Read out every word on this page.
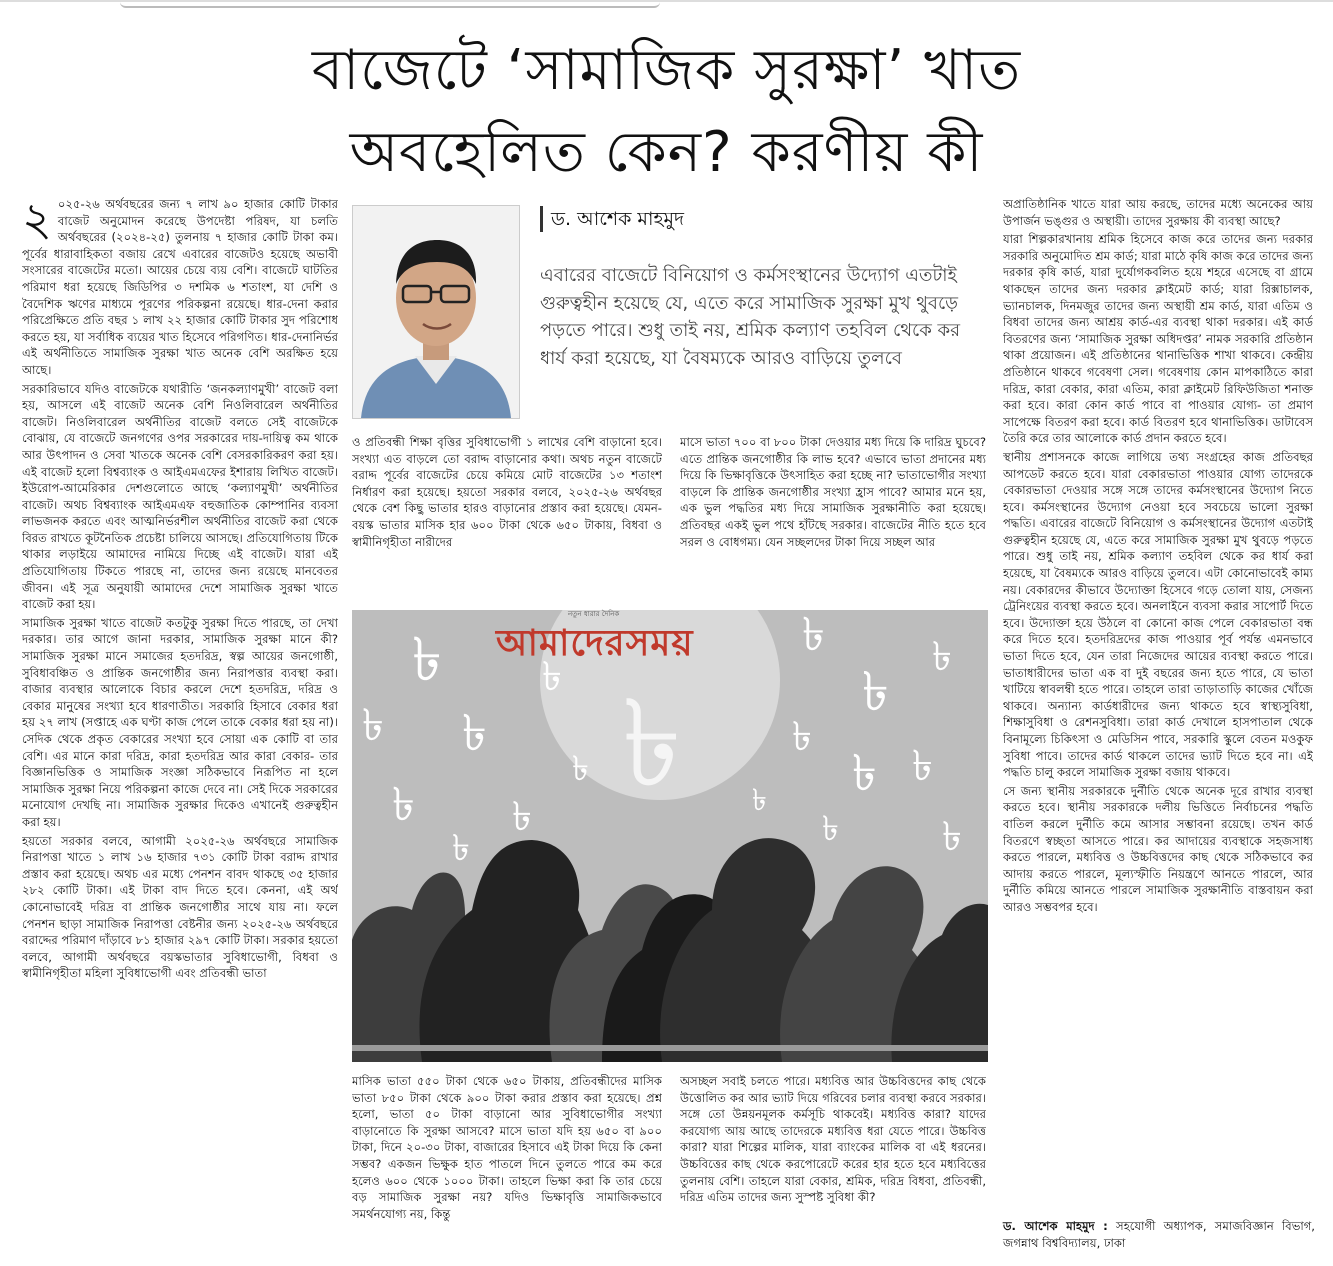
বাজেটে ‘সামাজিক সুরক্ষা’ খাত
অবহেলিত কেন? করণীয় কী

২ ০২৫-২৬ অর্থবছরের জন্য ৭ লাখ ৯০ হাজার কোটি টাকার বাজেট অনুমোদন করেছে উপদেষ্টা পরিষদ, যা চলতি অর্থবছরের (২০২৪-২৫) তুলনায় ৭ হাজার কোটি টাকা কম। পূর্বের ধারাবাহিকতা বজায় রেখে এবারের বাজেটও হয়েছে অভাবী সংসারের বাজেটের মতো। আয়ের চেয়ে ব্যয় বেশি। বাজেটে ঘাটতির পরিমাণ ধরা হয়েছে জিডিপির ৩ দশমিক ৬ শতাংশ, যা দেশি ও বৈদেশিক ঋণের মাধ্যমে পূরণের পরিকল্পনা রয়েছে। ধার-দেনা করার পরিপ্রেক্ষিতে প্রতি বছর ১ লাখ ২২ হাজার কোটি টাকার সুদ পরিশোধ করতে হয়, যা সর্বাধিক ব্যয়ের খাত হিসেবে পরিগণিত। ধার-দেনানির্ভর এই অর্থনীতিতে সামাজিক সুরক্ষা খাত অনেক বেশি অরক্ষিত হয়ে আছে।

সরকারিভাবে যদিও বাজেটকে যথারীতি ‘জনকল্যাণমুখী’ বাজেট বলা হয়, আসলে এই বাজেট অনেক বেশি নিওলিবারেল অর্থনীতির বাজেট। নিওলিবারেল অর্থনীতির বাজেট বলতে সেই বাজেটকে বোঝায়, যে বাজেটে জনগণের ওপর সরকারের দায়-দায়িত্ব কম থাকে আর উৎপাদন ও সেবা খাতকে অনেক বেশি বেসরকারিকরণ করা হয়। এই বাজেট হলো বিশ্বব্যাংক ও আইএমএফের ইশারায় লিখিত বাজেট। ইউরোপ-আমেরিকার দেশগুলোতে আছে ‘কল্যাণমুখী’ অর্থনীতির বাজেট। অথচ বিশ্বব্যাংক আইএমএফ বহুজাতিক কোম্পানির ব্যবসা লাভজনক করতে এবং আত্মনির্ভরশীল অর্থনীতির বাজেট করা থেকে বিরত রাখতে কূটনৈতিক প্রচেষ্টা চালিয়ে আসছে। প্রতিযোগিতায় টিকে থাকার লড়াইয়ে আমাদের নামিয়ে দিচ্ছে এই বাজেট। যারা এই প্রতিযোগিতায় টিকতে পারছে না, তাদের জন্য রয়েছে মানবেতর জীবন। এই সূত্র অনুযায়ী আমাদের দেশে সামাজিক সুরক্ষা খাতে বাজেট করা হয়।

সামাজিক সুরক্ষা খাতে বাজেট কতটুকু সুরক্ষা দিতে পারছে, তা দেখা দরকার। তার আগে জানা দরকার, সামাজিক সুরক্ষা মানে কী? সামাজিক সুরক্ষা মানে সমাজের হতদরিদ্র, স্বল্প আয়ের জনগোষ্ঠী, সুবিধাবঞ্চিত ও প্রান্তিক জনগোষ্ঠীর জন্য নিরাপত্তার ব্যবস্থা করা। বাজার ব্যবস্থার আলোকে বিচার করলে দেশে হতদরিদ্র, দরিদ্র ও বেকার মানুষের সংখ্যা হবে ধারণাতীত। সরকারি হিসাবে বেকার ধরা হয় ২৭ লাখ (সপ্তাহে এক ঘণ্টা কাজ পেলে তাকে বেকার ধরা হয় না)। সেদিক থেকে প্রকৃত বেকারের সংখ্যা হবে সোয়া এক কোটি বা তার বেশি। এর মানে কারা দরিদ্র, কারা হতদরিদ্র আর কারা বেকার- তার বিজ্ঞানভিত্তিক ও সামাজিক সংজ্ঞা সঠিকভাবে নিরূপিত না হলে সামাজিক সুরক্ষা নিয়ে পরিকল্পনা কাজে দেবে না। সেই দিকে সরকারের মনোযোগ দেখছি না। সামাজিক সুরক্ষার দিকেও এখানেই গুরুত্বহীন করা হয়।

হয়তো সরকার বলবে, আগামী ২০২৫-২৬ অর্থবছরে সামাজিক নিরাপত্তা খাতে ১ লাখ ১৬ হাজার ৭৩১ কোটি টাকা বরাদ্দ রাখার প্রস্তাব করা হয়েছে। অথচ এর মধ্যে পেনশন বাবদ থাকছে ৩৫ হাজার ২৮২ কোটি টাকা। এই টাকা বাদ দিতে হবে। কেননা, এই অর্থ কোনোভাবেই দরিদ্র বা প্রান্তিক জনগোষ্ঠীর সাথে যায় না। ফলে পেনশন ছাড়া সামাজিক নিরাপত্তা বেষ্টনীর জন্য ২০২৫-২৬ অর্থবছরে বরাদ্দের পরিমাণ দাঁড়াবে ৮১ হাজার ২৯৭ কোটি টাকা। সরকার হয়তো বলবে, আগামী অর্থবছরে বয়স্কভাতার সুবিধাভোগী, বিধবা ও স্বামীনিগৃহীতা মহিলা সুবিধাভোগী এবং প্রতিবন্ধী ভাতা

ড. আশেক মাহমুদ
এবারের বাজেটে বিনিয়োগ ও কর্মসংস্থানের উদ্যোগ এতটাই গুরুত্বহীন হয়েছে যে, এতে করে সামাজিক সুরক্ষা মুখ থুবড়ে পড়তে পারে। শুধু তাই নয়, শ্রমিক কল্যাণ তহবিল থেকে কর ধার্য করা হয়েছে, যা বৈষম্যকে আরও বাড়িয়ে তুলবে
ও প্রতিবন্ধী শিক্ষা বৃত্তির সুবিধাভোগী ১ লাখের বেশি বাড়ানো হবে। সংখ্যা এত বাড়লে তো বরাদ্দ বাড়ানোর কথা। অথচ নতুন বাজেটে বরাদ্দ পূর্বের বাজেটের চেয়ে কমিয়ে মোট বাজেটের ১৩ শতাংশ নির্ধারণ করা হয়েছে। হয়তো সরকার বলবে, ২০২৫-২৬ অর্থবছর থেকে বেশ কিছু ভাতার হারও বাড়ানোর প্রস্তাব করা হয়েছে। যেমন- বয়স্ক ভাতার মাসিক হার ৬০০ টাকা থেকে ৬৫০ টাকায়, বিধবা ও স্বামীনিগৃহীতা নারীদের
মাসে ভাতা ৭০০ বা ৮০০ টাকা দেওয়ার মধ্য দিয়ে কি দারিদ্র ঘুচবে? এতে প্রান্তিক জনগোষ্ঠীর কি লাভ হবে? এভাবে ভাতা প্রদানের মধ্য দিয়ে কি ভিক্ষাবৃত্তিকে উৎসাহিত করা হচ্ছে না? ভাতাভোগীর সংখ্যা বাড়লে কি প্রান্তিক জনগোষ্ঠীর সংখ্যা হ্রাস পাবে? আমার মনে হয়, এক ভুল পদ্ধতির মধ্য দিয়ে সামাজিক সুরক্ষানীতি করা হয়েছে। প্রতিবছর একই ভুল পথে হাঁটছে সরকার। বাজেটের নীতি হতে হবে সরল ও বোধগম্য। যেন সচ্ছলদের টাকা দিয়ে সচ্ছল আর
৳
৳
৳ ৳
৳ ৳
৳
৳
৳
৳
৳
৳
৳
৳ ৳
৳
৳
৳
নতুন ধারার দৈনিক
আমাদেরসময়
মাসিক ভাতা ৫৫০ টাকা থেকে ৬৫০ টাকায়, প্রতিবন্ধীদের মাসিক ভাতা ৮৫০ টাকা থেকে ৯০০ টাকা করার প্রস্তাব করা হয়েছে। প্রশ্ন হলো, ভাতা ৫০ টাকা বাড়ানো আর সুবিধাভোগীর সংখ্যা বাড়ানোতে কি সুরক্ষা আসবে? মাসে ভাতা যদি হয় ৬৫০ বা ৯০০ টাকা, দিনে ২০-৩০ টাকা, বাজারের হিসাবে এই টাকা দিয়ে কি কেনা সম্ভব? একজন ভিক্ষুক হাত পাতলে দিনে তুলতে পারে কম করে হলেও ৬০০ থেকে ১০০০ টাকা। তাহলে ভিক্ষা করা কি তার চেয়ে বড় সামাজিক সুরক্ষা নয়? যদিও ভিক্ষাবৃত্তি সামাজিকভাবে সমর্থনযোগ্য নয়, কিন্তু
অসচ্ছল সবাই চলতে পারে। মধ্যবিত্ত আর উচ্চবিত্তদের কাছ থেকে উত্তোলিত কর আর ভ্যাট দিয়ে গরিবের চলার ব্যবস্থা করবে সরকার। সঙ্গে তো উন্নয়নমূলক কর্মসূচি থাকবেই। মধ্যবিত্ত কারা? যাদের করযোগ্য আয় আছে তাদেরকে মধ্যবিত্ত ধরা যেতে পারে। উচ্চবিত্ত কারা? যারা শিল্পের মালিক, যারা ব্যাংকের মালিক বা এই ধরনের। উচ্চবিত্তের কাছ থেকে করপোরেটে করের হার হতে হবে মধ্যবিত্তের তুলনায় বেশি। তাহলে যারা বেকার, শ্রমিক, দরিদ্র বিধবা, প্রতিবন্ধী, দরিদ্র এতিম তাদের জন্য সুস্পষ্ট সুবিধা কী?

অপ্রাতিষ্ঠানিক খাতে যারা আয় করছে, তাদের মধ্যে অনেকের আয় উপার্জন ভঙ্গুর ও অস্থায়ী। তাদের সুরক্ষায় কী ব্যবস্থা আছে?

যারা শিল্পকারখানায় শ্রমিক হিসেবে কাজ করে তাদের জন্য দরকার সরকারি অনুমোদিত শ্রম কার্ড; যারা মাঠে কৃষি কাজ করে তাদের জন্য দরকার কৃষি কার্ড, যারা দুর্যোগকবলিত হয়ে শহরে এসেছে বা গ্রামে থাকছেন তাদের জন্য দরকার ক্লাইমেট কার্ড; যারা রিক্সাচালক, ভ্যানচালক, দিনমজুর তাদের জন্য অস্থায়ী শ্রম কার্ড, যারা এতিম ও বিধবা তাদের জন্য আশ্রয় কার্ড-এর ব্যবস্থা থাকা দরকার। এই কার্ড বিতরণের জন্য ‘সামাজিক সুরক্ষা অধিদপ্তর’ নামক সরকারি প্রতিষ্ঠান থাকা প্রয়োজন। এই প্রতিষ্ঠানের থানাভিত্তিক শাখা থাকবে। কেন্দ্রীয় প্রতিষ্ঠানে থাকবে গবেষণা সেল। গবেষণায় কোন মাপকাঠিতে কারা দরিদ্র, কারা বেকার, কারা এতিম, কারা ক্লাইমেট রিফিউজিতা শনাক্ত করা হবে। কারা কোন কার্ড পাবে বা পাওয়ার যোগ্য- তা প্রমাণ সাপেক্ষে বিতরণ করা হবে। কার্ড বিতরণ হবে থানাভিত্তিক। ডাটাবেস তৈরি করে তার আলোকে কার্ড প্রদান করতে হবে।

স্থানীয় প্রশাসনকে কাজে লাগিয়ে তথ্য সংগ্রহের কাজ প্রতিবছর আপডেট করতে হবে। যারা বেকারভাতা পাওয়ার যোগ্য তাদেরকে বেকারভাতা দেওয়ার সঙ্গে সঙ্গে তাদের কর্মসংস্থানের উদ্যোগ নিতে হবে। কর্মসংস্থানের উদ্যোগ নেওয়া হবে সবচেয়ে ভালো সুরক্ষা পদ্ধতি। এবারের বাজেটে বিনিয়োগ ও কর্মসংস্থানের উদ্যোগ এতটাই গুরুত্বহীন হয়েছে যে, এতে করে সামাজিক সুরক্ষা মুখ থুবড়ে পড়তে পারে। শুধু তাই নয়, শ্রমিক কল্যাণ তহবিল থেকে কর ধার্য করা হয়েছে, যা বৈষম্যকে আরও বাড়িয়ে তুলবে। এটা কোনোভাবেই কাম্য নয়। বেকারদের কীভাবে উদ্যোক্তা হিসেবে গড়ে তোলা যায়, সেজন্য ট্রেনিংয়ের ব্যবস্থা করতে হবে। অনলাইনে ব্যবসা করার সাপোর্ট দিতে হবে। উদ্যোক্তা হয়ে উঠলে বা কোনো কাজ পেলে বেকারভাতা বন্ধ করে দিতে হবে। হতদরিদ্রদের কাজ পাওয়ার পূর্ব পর্যন্ত এমনভাবে ভাতা দিতে হবে, যেন তারা নিজেদের আয়ের ব্যবস্থা করতে পারে। ভাতাধারীদের ভাতা এক বা দুই বছরের জন্য হতে পারে, যে ভাতা খাটিয়ে স্বাবলম্বী হতে পারে। তাহলে তারা তাড়াতাড়ি কাজের খোঁজে থাকবে। অন্যান্য কার্ডধারীদের জন্য থাকতে হবে স্বাস্থ্যসুবিধা, শিক্ষাসুবিধা ও রেশনসুবিধা। তারা কার্ড দেখালে হাসপাতাল থেকে বিনামূল্যে চিকিৎসা ও মেডিসিন পাবে, সরকারি স্কুলে বেতন মওকুফ সুবিধা পাবে। তাদের কার্ড থাকলে তাদের ভ্যাট দিতে হবে না। এই পদ্ধতি চালু করলে সামাজিক সুরক্ষা বজায় থাকবে।

সে জন্য স্থানীয় সরকারকে দুর্নীতি থেকে অনেক দূরে রাখার ব্যবস্থা করতে হবে। স্থানীয় সরকারকে দলীয় ভিত্তিতে নির্বাচনের পদ্ধতি বাতিল করলে দুর্নীতি কমে আসার সম্ভাবনা রয়েছে। তখন কার্ড বিতরণে স্বচ্ছতা আসতে পারে। কর আদায়ের ব্যবস্থাকে সহজসাধ্য করতে পারলে, মধ্যবিত্ত ও উচ্চবিত্তদের কাছ থেকে সঠিকভাবে কর আদায় করতে পারলে, মূল্যস্ফীতি নিয়ন্ত্রণে আনতে পারলে, আর দুর্নীতি কমিয়ে আনতে পারলে সামাজিক সুরক্ষানীতি বাস্তবায়ন করা আরও সম্ভবপর হবে।

ড. আশেক মাহমুদ : সহযোগী অধ্যাপক, সমাজবিজ্ঞান বিভাগ, জগন্নাথ বিশ্ববিদ্যালয়, ঢাকা
